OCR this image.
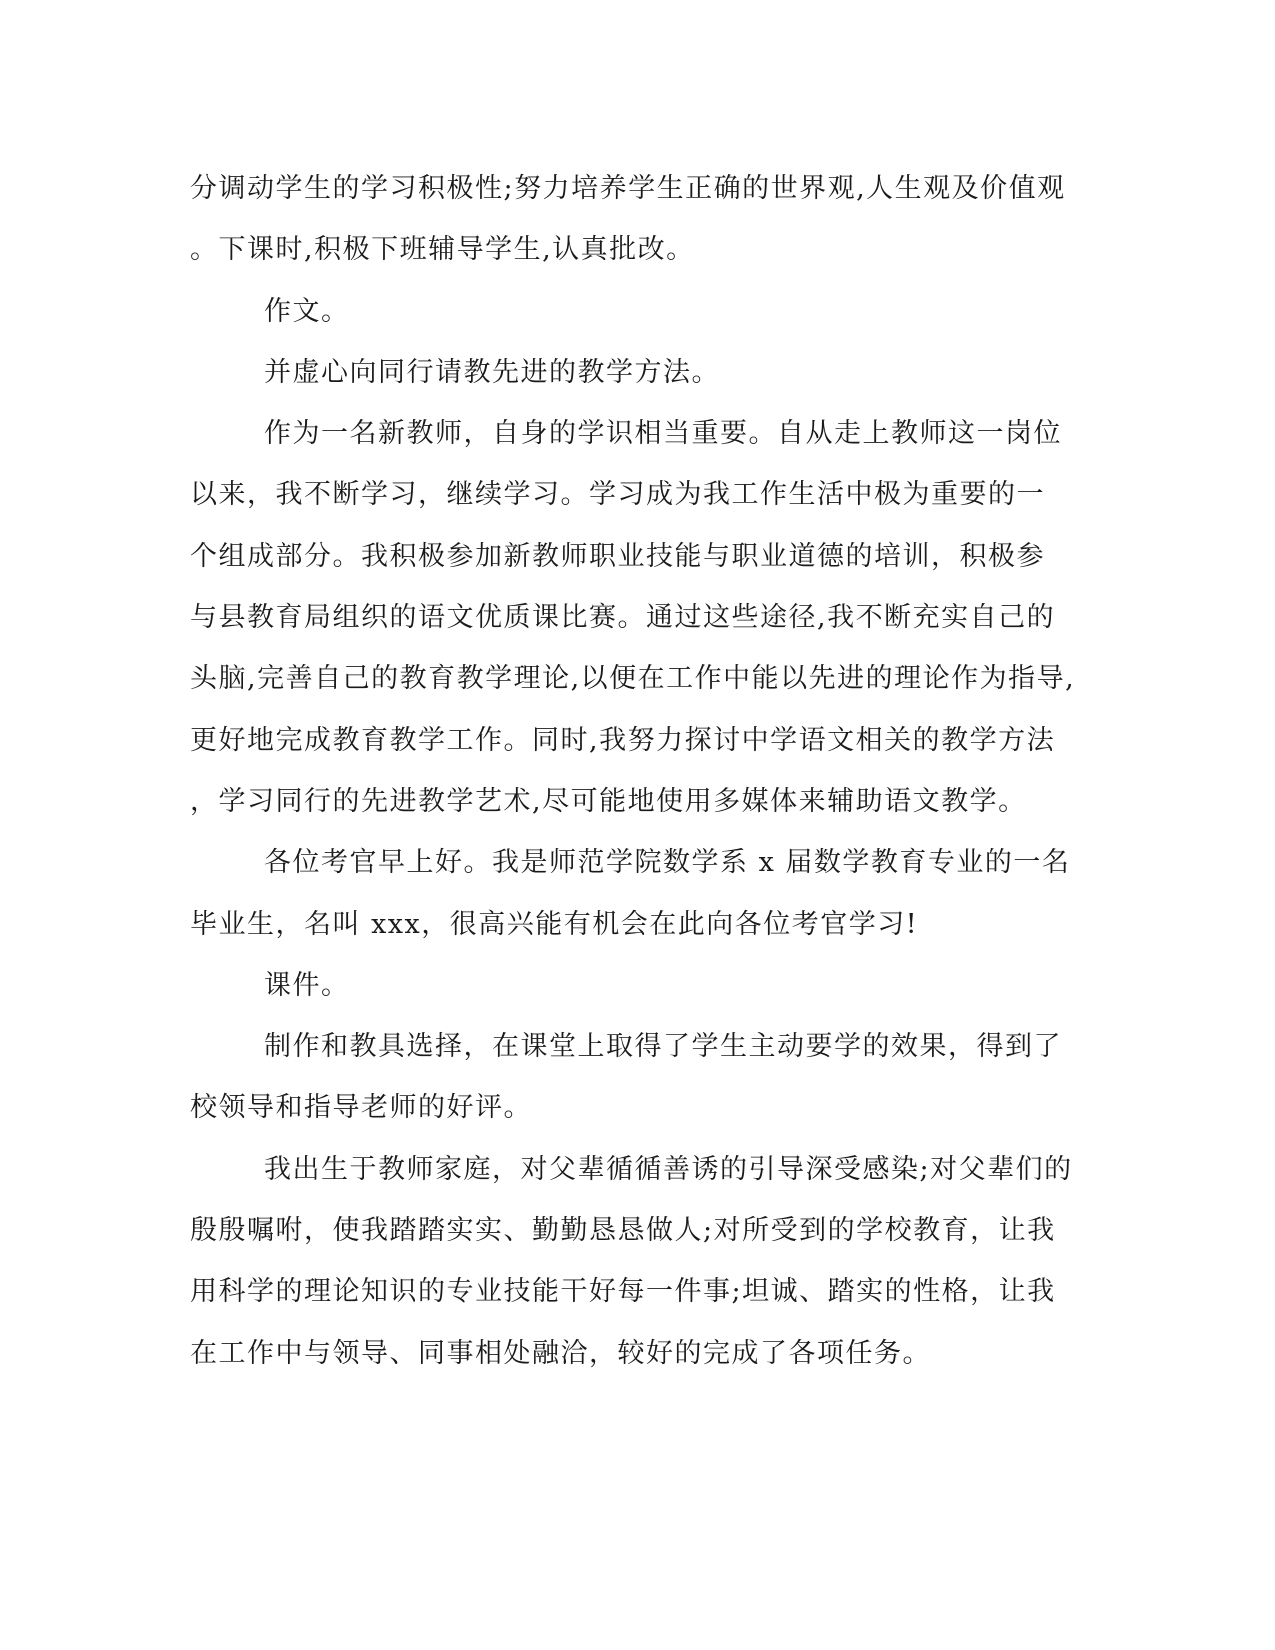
分调动学生的学习积极性;努力培养学生正确的世界观,人生观及价值观
。下课时,积极下班辅导学生,认真批改。
作文。
并虚心向同行请教先进的教学方法。
作为一名新教师，自身的学识相当重要。自从走上教师这一岗位
以来，我不断学习，继续学习。学习成为我工作生活中极为重要的一
个组成部分。我积极参加新教师职业技能与职业道德的培训，积极参
与县教育局组织的语文优质课比赛。通过这些途径,我不断充实自己的
头脑,完善自己的教育教学理论,以便在工作中能以先进的理论作为指导,
更好地完成教育教学工作。同时,我努力探讨中学语文相关的教学方法
，学习同行的先进教学艺术,尽可能地使用多媒体来辅助语文教学。
各位考官早上好。我是师范学院数学系 x 届数学教育专业的一名
毕业生，名叫 xxx，很高兴能有机会在此向各位考官学习!
课件。
制作和教具选择，在课堂上取得了学生主动要学的效果，得到了
校领导和指导老师的好评。
我出生于教师家庭，对父辈循循善诱的引导深受感染;对父辈们的
殷殷嘱咐，使我踏踏实实、勤勤恳恳做人;对所受到的学校教育，让我
用科学的理论知识的专业技能干好每一件事;坦诚、踏实的性格，让我
在工作中与领导、同事相处融洽，较好的完成了各项任务。
